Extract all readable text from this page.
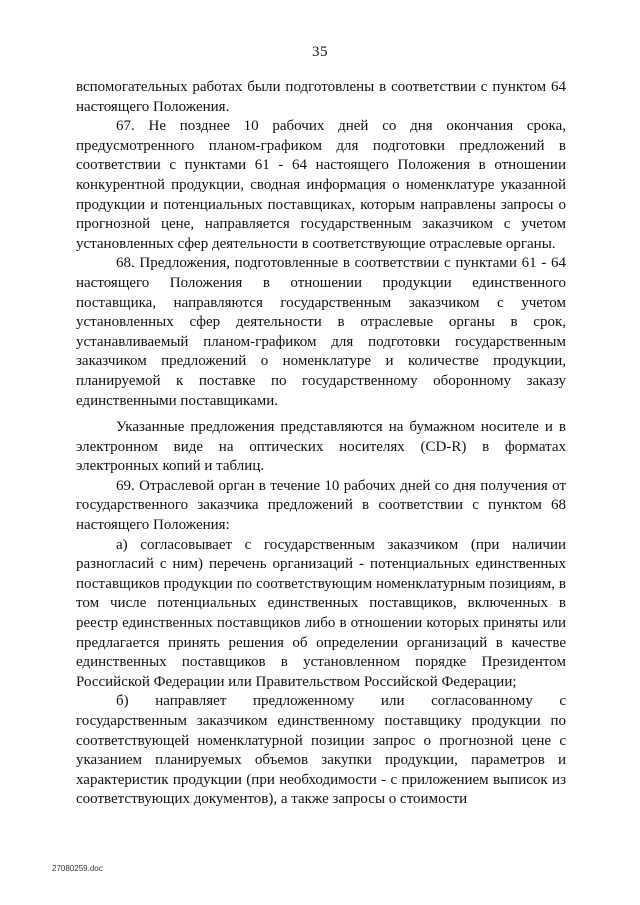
35

вспомогательных работах были подготовлены в соответствии с пунктом 64 настоящего Положения.

67. Не позднее 10 рабочих дней со дня окончания срока, предусмотренного планом-графиком для подготовки предложений в соответствии с пунктами 61 - 64 настоящего Положения в отношении конкурентной продукции, сводная информация о номенклатуре указанной продукции и потенциальных поставщиках, которым направлены запросы о прогнозной цене, направляется государственным заказчиком с учетом установленных сфер деятельности в соответствующие отраслевые органы.

68. Предложения, подготовленные в соответствии с пунктами 61 - 64 настоящего Положения в отношении продукции единственного поставщика, направляются государственным заказчиком с учетом установленных сфер деятельности в отраслевые органы в срок, устанавливаемый планом-графиком для подготовки государственным заказчиком предложений о номенклатуре и количестве продукции, планируемой к поставке по государственному оборонному заказу единственными поставщиками.

Указанные предложения представляются на бумажном носителе и в электронном виде на оптических носителях (CD-R) в форматах электронных копий и таблиц.

69. Отраслевой орган в течение 10 рабочих дней со дня получения от государственного заказчика предложений в соответствии с пунктом 68 настоящего Положения:

а) согласовывает с государственным заказчиком (при наличии разногласий с ним) перечень организаций - потенциальных единственных поставщиков продукции по соответствующим номенклатурным позициям, в том числе потенциальных единственных поставщиков, включенных в реестр единственных поставщиков либо в отношении которых приняты или предлагается принять решения об определении организаций в качестве единственных поставщиков в установленном порядке Президентом Российской Федерации или Правительством Российской Федерации;

б) направляет предложенному или согласованному с государственным заказчиком единственному поставщику продукции по соответствующей номенклатурной позиции запрос о прогнозной цене с указанием планируемых объемов закупки продукции, параметров и характеристик продукции (при необходимости - с приложением выписок из соответствующих документов), а также запросы о стоимости

27080259.doc
